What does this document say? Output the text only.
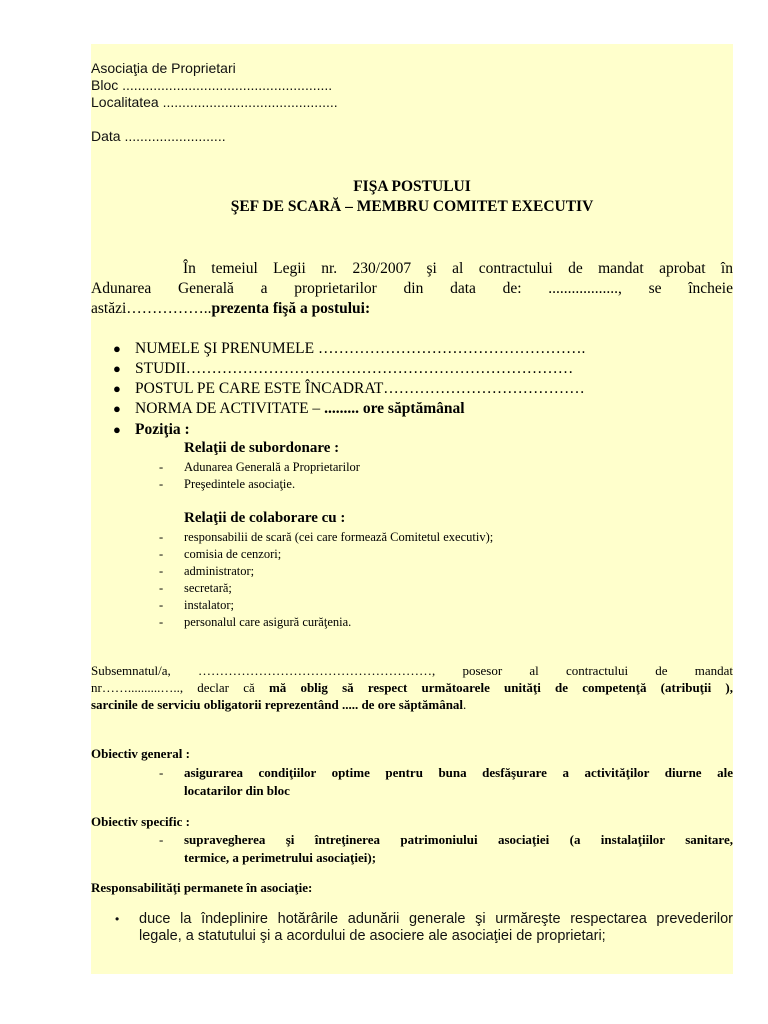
Asociaţia de Proprietari
Bloc ......................................................
Localitatea .............................................
Data ..........................
FIŞA POSTULUI
ŞEF DE SCARĂ – MEMBRU COMITET EXECUTIV
În temeiul Legii nr. 230/2007 şi al contractului de mandat aprobat în
Adunarea Generală a proprietarilor din data de: .................., se încheie
astăzi……………..prezenta fişă a postului:
● NUMELE ŞI PRENUMELE …………………………………………….
● STUDII…………………………………………………………………
● POSTUL PE CARE ESTE ÎNCADRAT…………………………………
● NORMA DE ACTIVITATE – ......... ore săptămânal
● Poziţia :
Relaţii de subordonare :
- Adunarea Generală a Proprietarilor
- Preşedintele asociaţie.
Relaţii de colaborare cu :
- responsabilii de scară (cei care formează Comitetul executiv);
- comisia de cenzori;
- administrator;
- secretară;
- instalator;
- personalul care asigură curăţenia.
Subsemnatul/a, ………………………………………………, posesor al contractului de mandat
nr……..........….., declar că mă oblig să respect următoarele unităţi de competenţă (atribuţii ),
sarcinile de serviciu obligatorii reprezentând ..... de ore săptămânal.
Obiectiv general :
- asigurarea condiţiilor optime pentru buna desfăşurare a activităţilor diurne ale
locatarilor din bloc
Obiectiv specific :
- supravegherea şi întreţinerea patrimoniului asociaţiei (a instalaţiilor sanitare,
termice, a perimetrului asociaţiei);
Responsabilităţi permanete în asociaţie:
• duce la îndeplinire hotărârile adunării generale şi urmăreşte respectarea prevederilor
legale, a statutului şi a acordului de asociere ale asociaţiei de proprietari;
